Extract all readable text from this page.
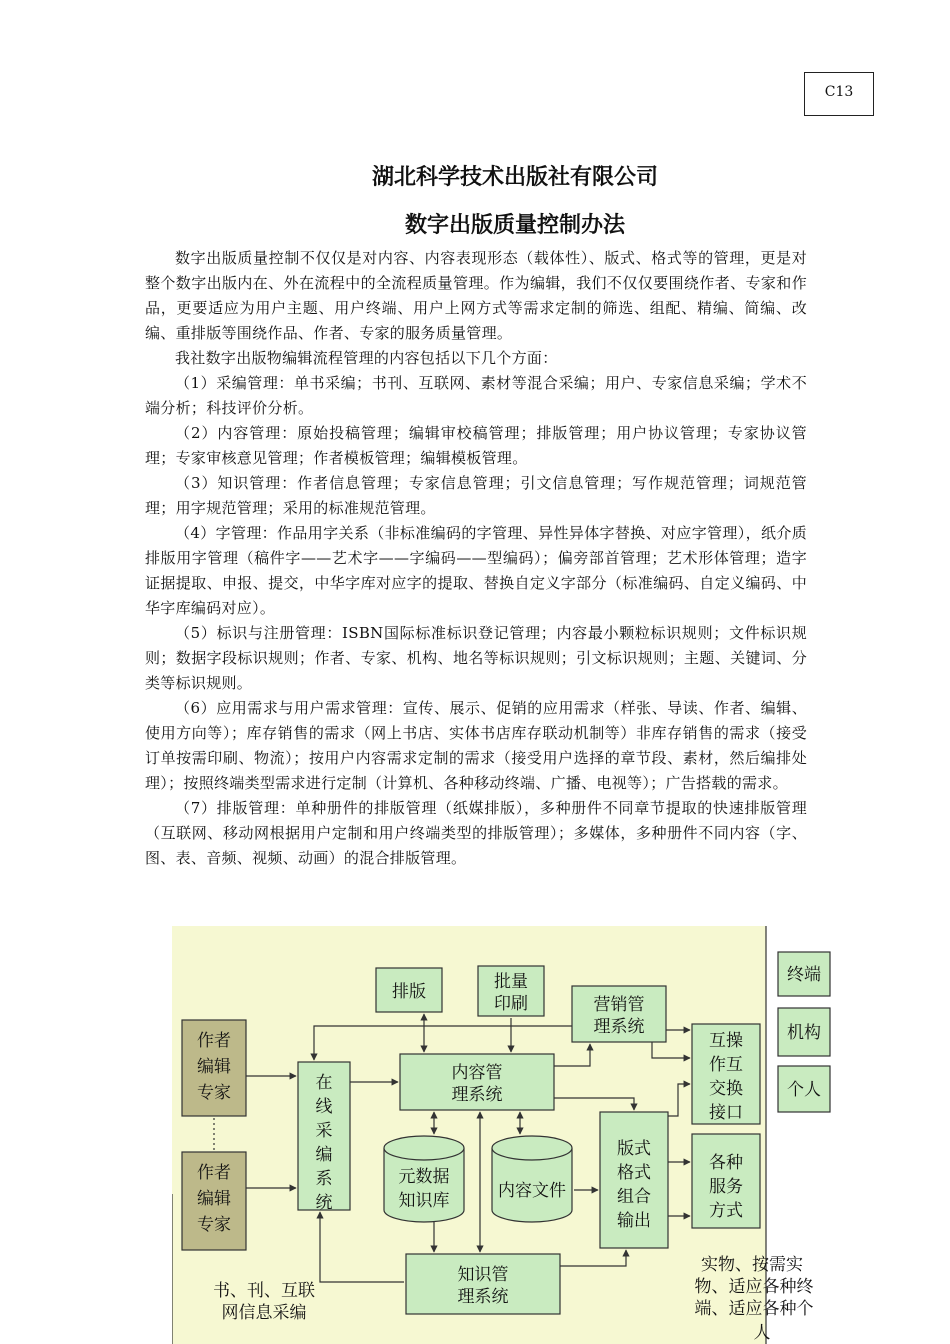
C13
湖北科学技术出版社有限公司
数字出版质量控制办法

数字出版质量控制不仅仅是对内容、内容表现形态（载体性）、版式、格式等的管理，更是对整个数字出版内在、外在流程中的全流程质量管理。作为编辑，我们不仅仅要围绕作者、专家和作品，更要适应为用户主题、用户终端、用户上网方式等需求定制的筛选、组配、精编、简编、改编、重排版等围绕作品、作者、专家的服务质量管理。

我社数字出版物编辑流程管理的内容包括以下几个方面：

（1）采编管理：单书采编；书刊、互联网、素材等混合采编；用户、专家信息采编；学术不端分析；科技评价分析。

（2）内容管理：原始投稿管理；编辑审校稿管理；排版管理；用户协议管理；专家协议管理；专家审核意见管理；作者模板管理；编辑模板管理。

（3）知识管理：作者信息管理；专家信息管理；引文信息管理；写作规范管理；词规范管理；用字规范管理；采用的标准规范管理。

（4）字管理：作品用字关系（非标准编码的字管理、异性异体字替换、对应字管理），纸介质排版用字管理（稿件字——艺术字——字编码——型编码）；偏旁部首管理；艺术形体管理；造字证据提取、申报、提交，中华字库对应字的提取、替换自定义字部分（标准编码、自定义编码、中华字库编码对应）。

（5）标识与注册管理：ISBN国际标准标识登记管理；内容最小颗粒标识规则；文件标识规则；数据字段标识规则；作者、专家、机构、地名等标识规则；引文标识规则；主题、关键词、分类等标识规则。

（6）应用需求与用户需求管理：宣传、展示、促销的应用需求（样张、导读、作者、编辑、使用方向等）；库存销售的需求（网上书店、实体书店库存联动机制等）非库存销售的需求（接受订单按需印刷、物流）；按用户内容需求定制的需求（接受用户选择的章节段、素材，然后编排处理）；按照终端类型需求进行定制（计算机、各种移动终端、广播、电视等）；广告搭载的需求。

（7）排版管理：单种册件的排版管理（纸媒排版），多种册件不同章节提取的快速排版管理（互联网、移动网根据用户定制和用户终端类型的排版管理）；多媒体，多种册件不同内容（字、图、表、音频、视频、动画）的混合排版管理。

作者
编辑
专家
作者
编辑
专家
在
线
采
编
系
统
排版	批量
印刷	营销管
理系统
内容管
理系统
元数据
知识库	内容文件
版式
格式
组合
输出
互操
作互
交换
接口
各种
服务
方式
知识管
理系统
终端
机构
个人
书、刊、互联
网信息采编
实物、按需实
物、适应各种终
端、适应各种个
人
